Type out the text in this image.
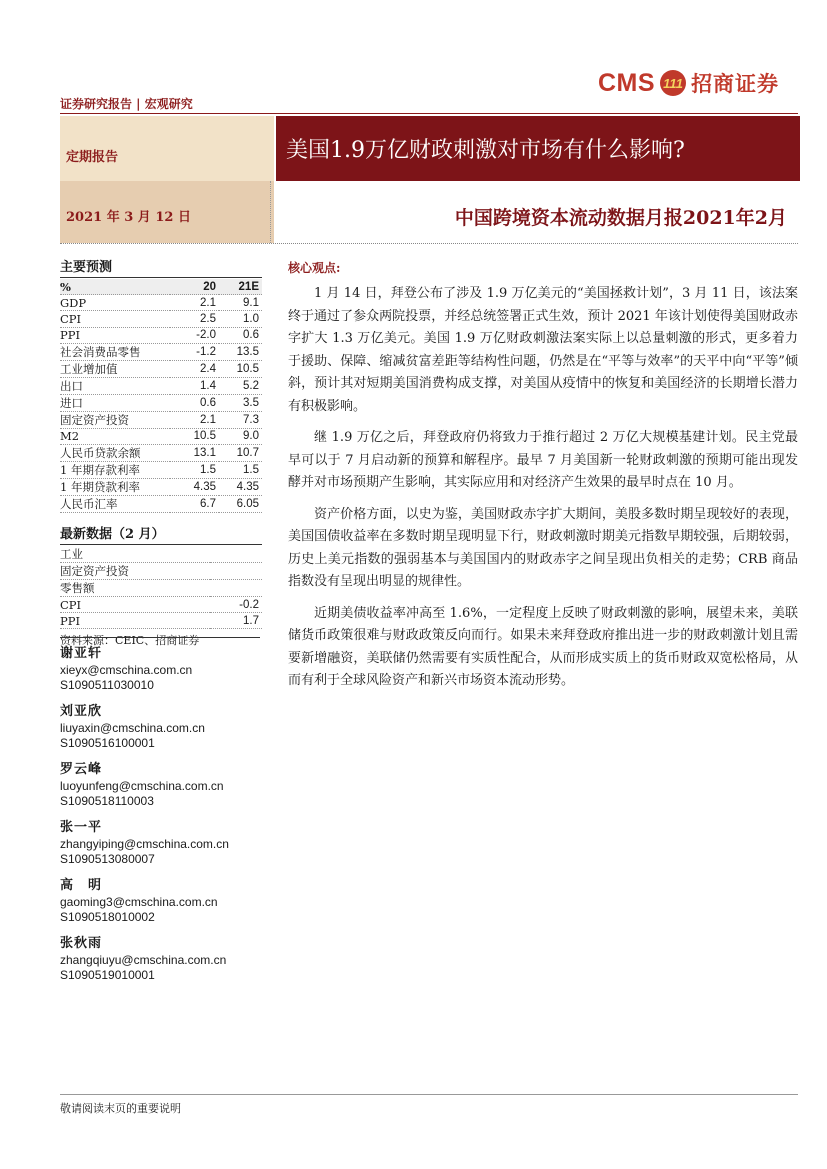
证券研究报告 | 宏观研究
CMS 111 招商证券
定期报告
2021 年 3 月 12 日
美国1.9万亿财政刺激对市场有什么影响?
中国跨境资本流动数据月报2021年2月
主要预测
%	20	21E
GDP	2.1	9.1
CPI	2.5	1.0
PPI	-2.0	0.6
社会消费品零售	-1.2	13.5
工业增加值	2.4	10.5
出口	1.4	5.2
进口	0.6	3.5
固定资产投资	2.1	7.3
M2	10.5	9.0
人民币贷款余额	13.1	10.7
1 年期存款利率	1.5	1.5
1 年期贷款利率	4.35	4.35
人民币汇率	6.7	6.05
最新数据（2 月）
工业	
固定资产投资	
零售额	
CPI	-0.2
PPI	1.7
资料来源：CEIC、招商证券
谢亚轩
xieyx@cmschina.com.cn
S1090511030010
刘亚欣
liuyaxin@cmschina.com.cn
S1090516100001
罗云峰
luoyunfeng@cmschina.com.cn
S1090518110003
张一平
zhangyiping@cmschina.com.cn
S1090513080007
高　明
gaoming3@cmschina.com.cn
S1090518010002
张秋雨
zhangqiuyu@cmschina.com.cn
S1090519010001
核心观点:

1 月 14 日，拜登公布了涉及 1.9 万亿美元的“美国拯救计划”，3 月 11 日，该法案终于通过了参众两院投票，并经总统签署正式生效，预计 2021 年该计划使得美国财政赤字扩大 1.3 万亿美元。美国 1.9 万亿财政刺激法案实际上以总量刺激的形式，更多着力于援助、保障、缩减贫富差距等结构性问题，仍然是在“平等与效率”的天平中向“平等”倾斜，预计其对短期美国消费构成支撑，对美国从疫情中的恢复和美国经济的长期增长潜力有积极影响。

继 1.9 万亿之后，拜登政府仍将致力于推行超过 2 万亿大规模基建计划。民主党最早可以于 7 月启动新的预算和解程序。最早 7 月美国新一轮财政刺激的预期可能出现发酵并对市场预期产生影响，其实际应用和对经济产生效果的最早时点在 10 月。

资产价格方面，以史为鉴，美国财政赤字扩大期间，美股多数时期呈现较好的表现，美国国债收益率在多数时期呈现明显下行，财政刺激时期美元指数早期较强，后期较弱，历史上美元指数的强弱基本与美国国内的财政赤字之间呈现出负相关的走势；CRB 商品指数没有呈现出明显的规律性。

近期美债收益率冲高至 1.6%，一定程度上反映了财政刺激的影响，展望未来，美联储货币政策很难与财政政策反向而行。如果未来拜登政府推出进一步的财政刺激计划且需要新增融资，美联储仍然需要有实质性配合，从而形成实质上的货币财政双宽松格局，从而有利于全球风险资产和新兴市场资本流动形势。

敬请阅读末页的重要说明
